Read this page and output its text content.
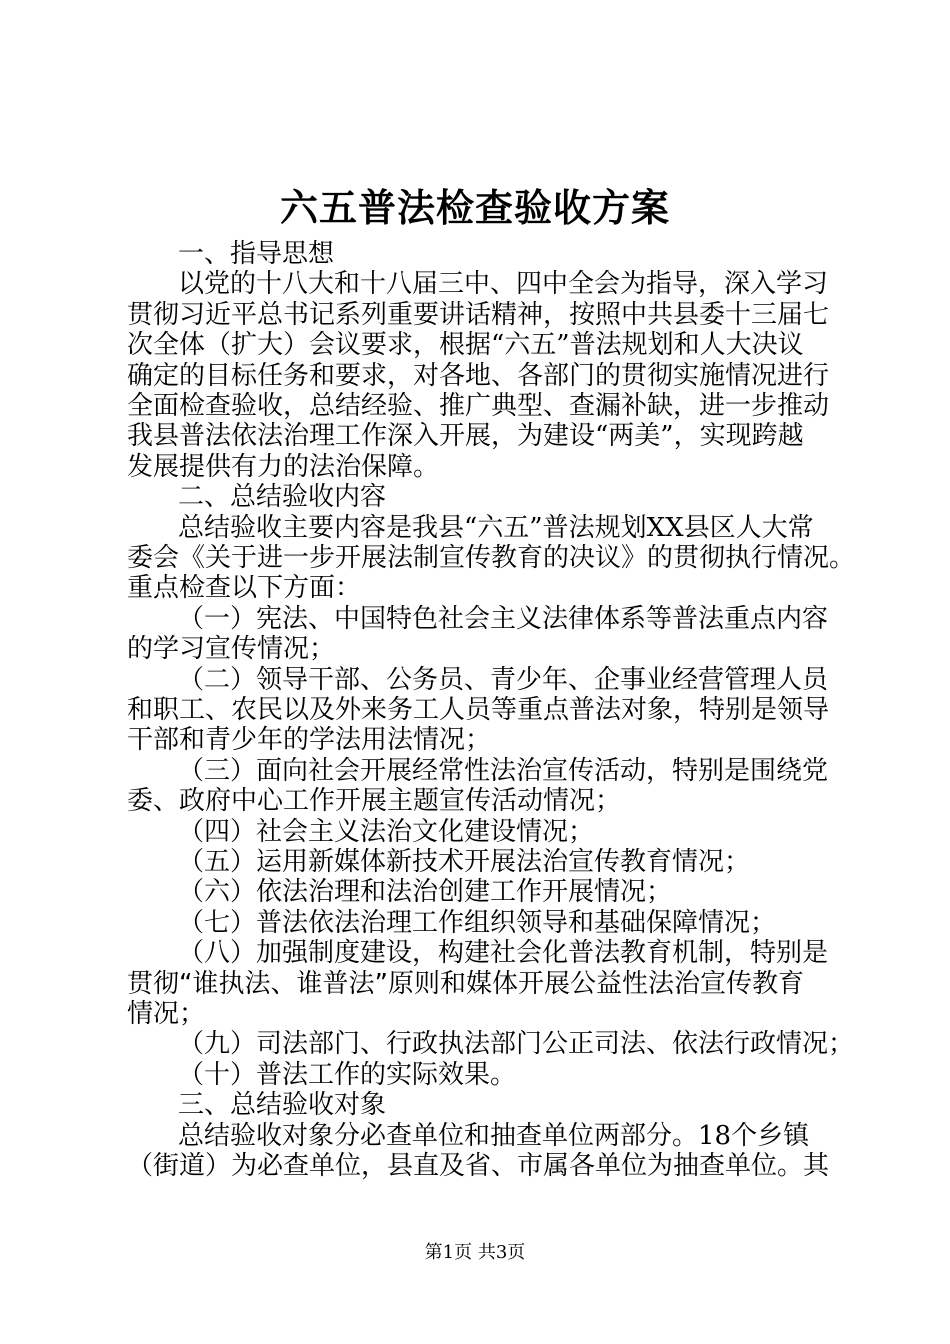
六五普法检查验收方案
一、指导思想
以党的十八大和十八届三中、四中全会为指导，深入学习
贯彻习近平总书记系列重要讲话精神，按照中共县委十三届七
次全体（扩大）会议要求，根据“六五”普法规划和人大决议
确定的目标任务和要求，对各地、各部门的贯彻实施情况进行
全面检查验收，总结经验、推广典型、查漏补缺，进一步推动
我县普法依法治理工作深入开展，为建设“两美”，实现跨越
发展提供有力的法治保障。
二、总结验收内容
总结验收主要内容是我县“六五”普法规划XX县区人大常
委会《关于进一步开展法制宣传教育的决议》的贯彻执行情况。
重点检查以下方面：
（一）宪法、中国特色社会主义法律体系等普法重点内容
的学习宣传情况；
（二）领导干部、公务员、青少年、企事业经营管理人员
和职工、农民以及外来务工人员等重点普法对象，特别是领导
干部和青少年的学法用法情况；
（三）面向社会开展经常性法治宣传活动，特别是围绕党
委、政府中心工作开展主题宣传活动情况；
（四）社会主义法治文化建设情况；
（五）运用新媒体新技术开展法治宣传教育情况；
（六）依法治理和法治创建工作开展情况；
（七）普法依法治理工作组织领导和基础保障情况；
（八）加强制度建设，构建社会化普法教育机制，特别是
贯彻“谁执法、谁普法”原则和媒体开展公益性法治宣传教育
情况；
（九）司法部门、行政执法部门公正司法、依法行政情况；
（十）普法工作的实际效果。
三、总结验收对象
总结验收对象分必查单位和抽查单位两部分。18个乡镇
（街道）为必查单位，县直及省、市属各单位为抽查单位。其
第1页 共3页
